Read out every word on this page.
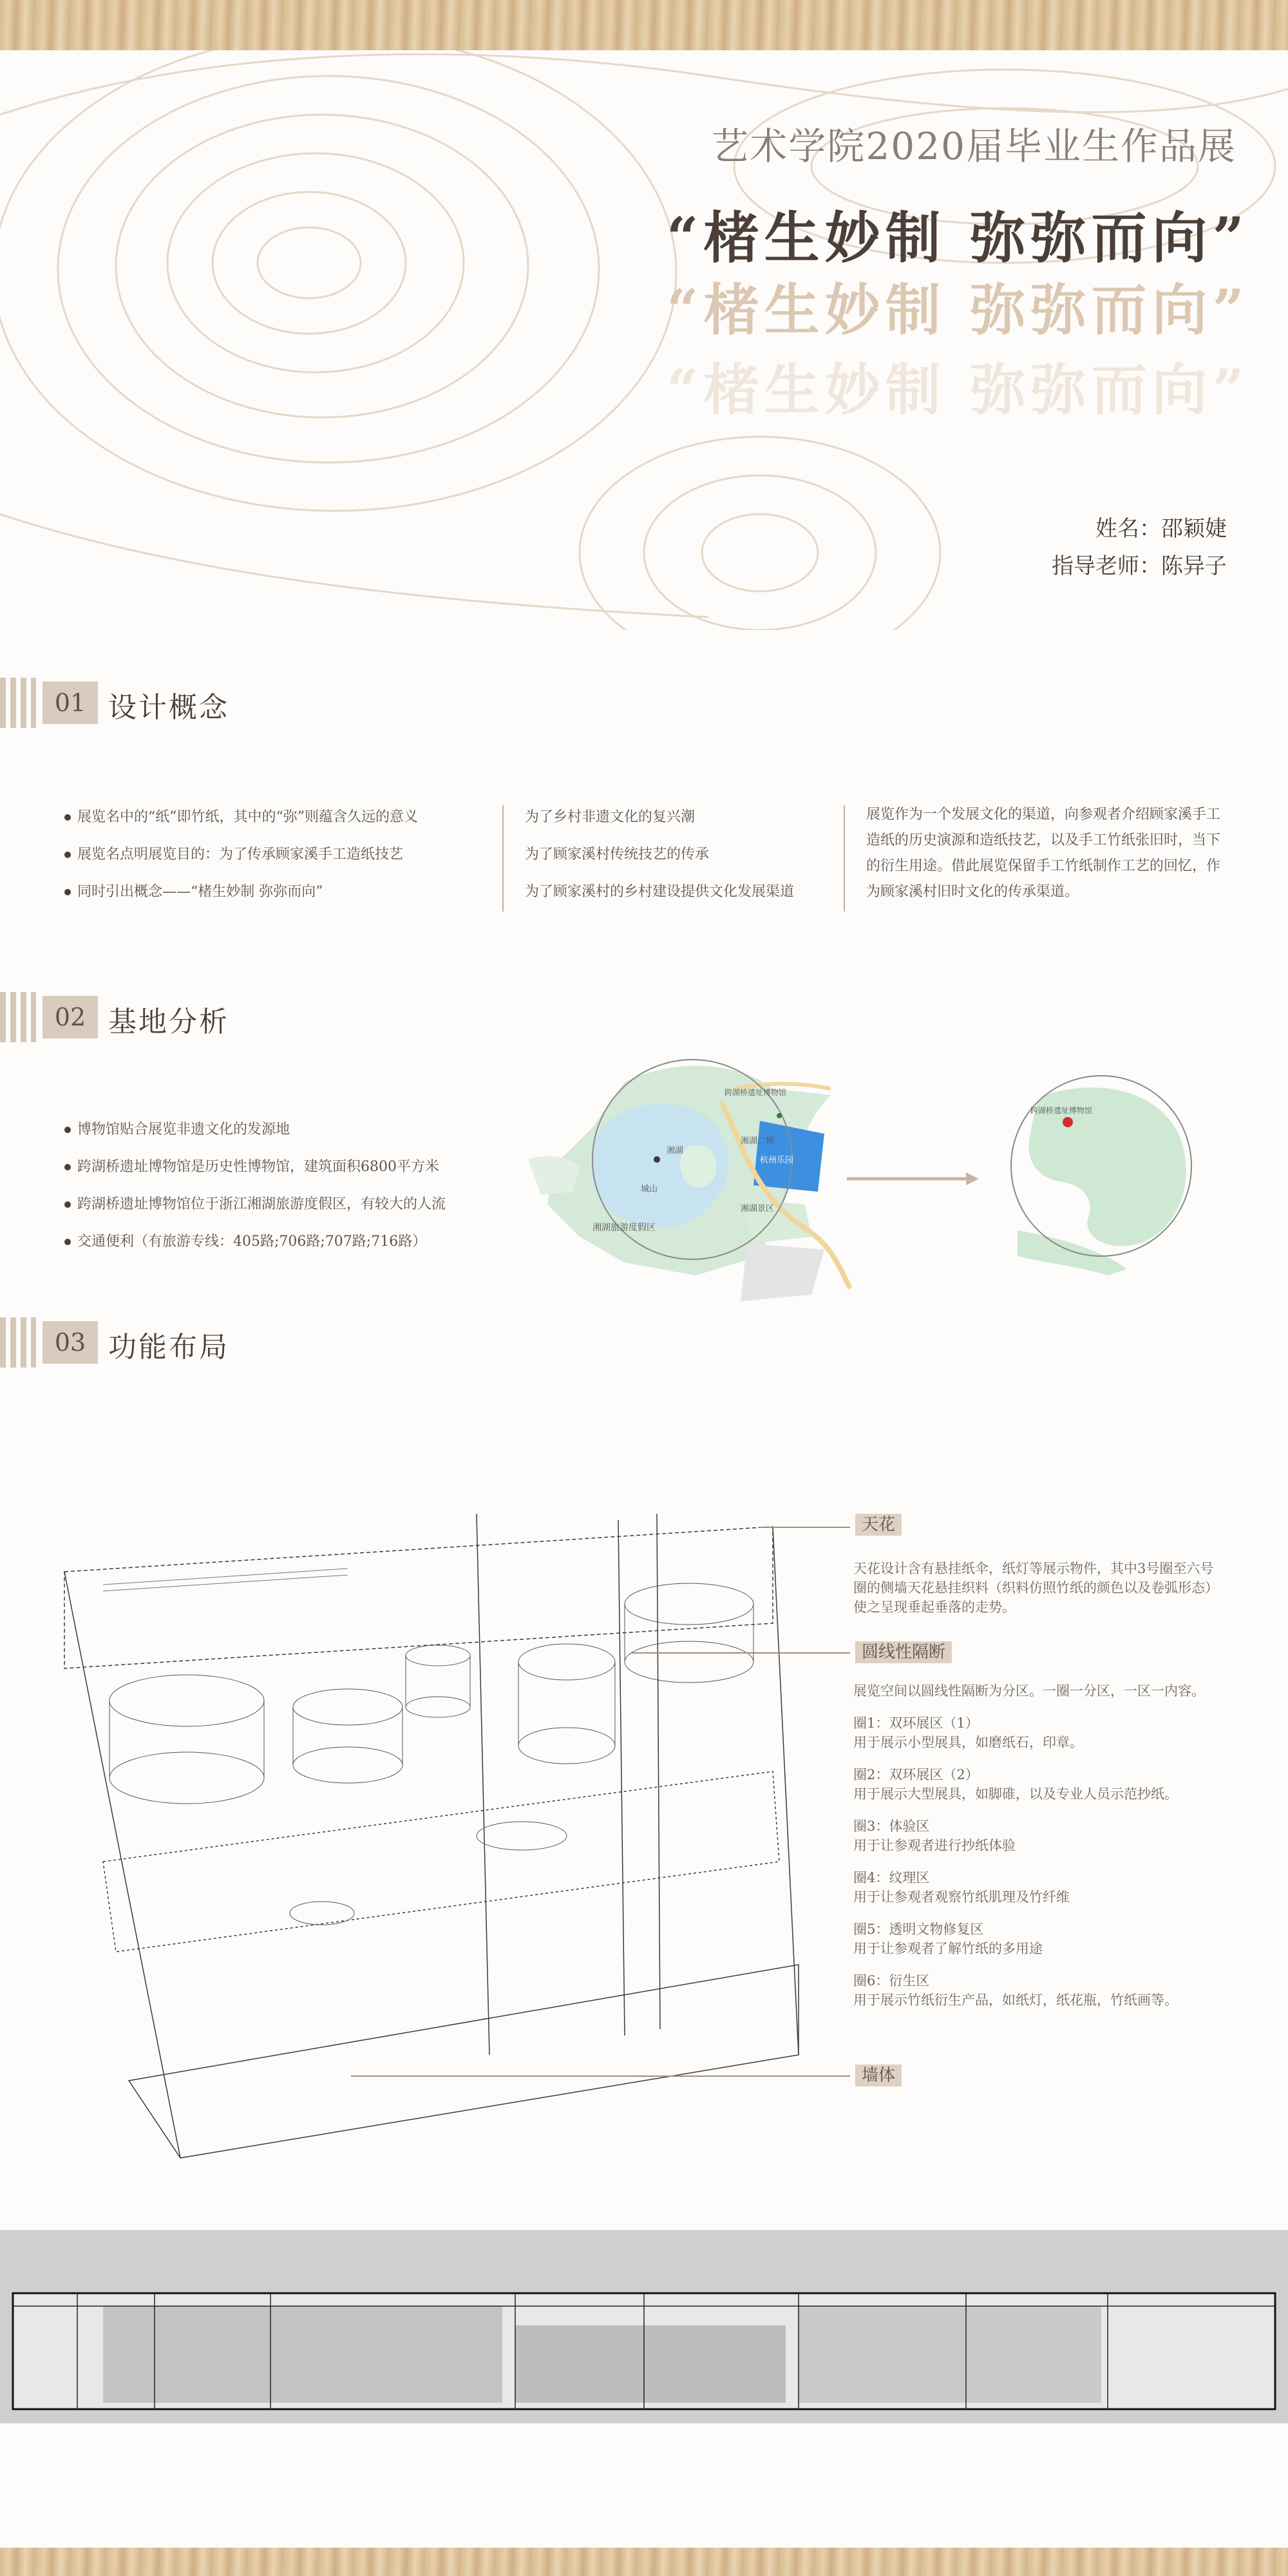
艺术学院2020届毕业生作品展
“楮生妙制 弥弥而向”
“楮生妙制 弥弥而向”
“楮生妙制 弥弥而向”
姓名：邵颖婕
指导老师：陈异子
01 设计概念
展览名中的“纸”即竹纸，其中的“弥”则蕴含久远的意义
展览名点明展览目的：为了传承顾家溪手工造纸技艺
同时引出概念——“楮生妙制 弥弥而向”
为了乡村非遗文化的复兴潮
为了顾家溪村传统技艺的传承
为了顾家溪村的乡村建设提供文化发展渠道
展览作为一个发展文化的渠道，向参观者介绍顾家溪手工造纸的历史演源和造纸技艺，以及手工竹纸张旧时，当下的衍生用途。借此展览保留手工竹纸制作工艺的回忆，作为顾家溪村旧时文化的传承渠道。
02 基地分析
博物馆贴合展览非遗文化的发源地
跨湖桥遗址博物馆是历史性博物馆，建筑面积6800平方米
跨湖桥遗址博物馆位于浙江湘湖旅游度假区，有较大的人流
交通便利（有旅游专线：405路;706路;707路;716路）
湘湖旅游度假区
城山
湘湖二期
杭州乐园
湘湖景区
湘湖
跨湖桥遗址博物馆
跨湖桥遗址博物馆
03 功能布局
天花
天花设计含有悬挂纸伞，纸灯等展示物件，其中3号圈至六号圈的侧墙天花悬挂织料（织料仿照竹纸的颜色以及卷弧形态）使之呈现垂起垂落的走势。
圆线性隔断

展览空间以圆线性隔断为分区。一圈一分区，一区一内容。

圈1：双环展区（1）
用于展示小型展具，如磨纸石，印章。

圈2：双环展区（2）
用于展示大型展具，如脚碓，以及专业人员示范抄纸。

圈3：体验区
用于让参观者进行抄纸体验

圈4：纹理区
用于让参观者观察竹纸肌理及竹纤维

圈5：透明文物修复区
用于让参观者了解竹纸的多用途

圈6：衍生区
用于展示竹纸衍生产品，如纸灯，纸花瓶，竹纸画等。

墙体
